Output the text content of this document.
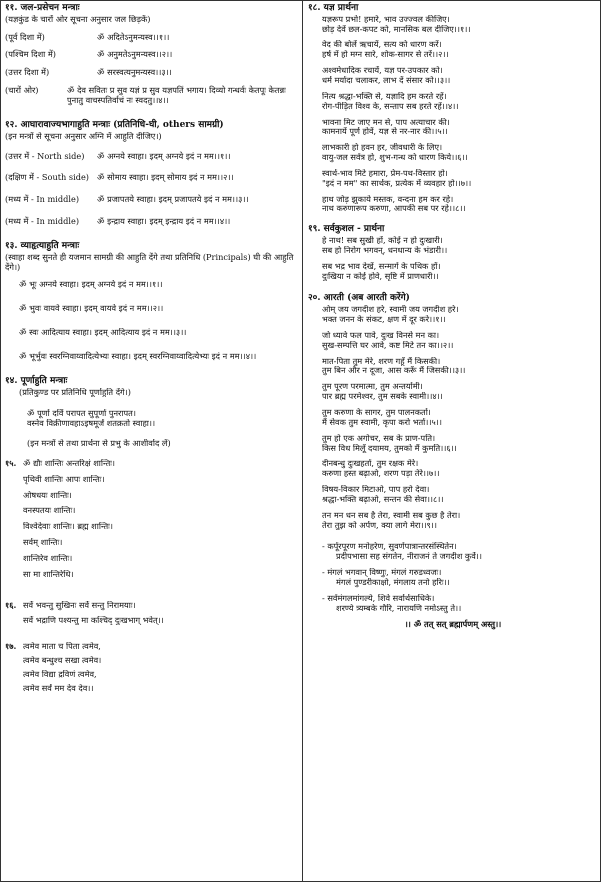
११. जल-प्रसेचन मन्त्राः
(यज्ञकुंड के चारों ओर सूचना अनुसार जल छिड़कें)
(पूर्व दिशा में)	ॐ अदितेऽनुमन्यस्व।।१।।
(पश्चिम दिशा में)	ॐ अनुमतेऽनुमन्यस्व।।२।।
(उत्तर दिशा में)	ॐ सरस्वत्यनुमन्यस्व।।३।।
(चारों ओर)	ॐ देव सवितः प्र सुव यज्ञं प्र सुव यज्ञपतिं भगाय। दिव्यो गन्धर्वः केतपूः केतन्नः पुनातु वाचस्पतिर्वाचं नः स्वदतु।।४।।
१२. आघारावाज्यभागाहुति मन्त्राः (प्रतिनिधि-घी, others सामग्री)
(इन मन्त्रों से सूचना अनुसार अग्नि में आहुति दीजिए।)
(उत्तर में - North side)	ॐ अग्नये स्वाहा। इदम् अग्नये इदं न मम।।१।।
(दक्षिण में - South side) ॐ सोमाय स्वाहा। इदम् सोमाय इदं न मम।।२।।
(मध्य में - In middle)	ॐ प्रजापतये स्वाहा। इदम् प्रजापतये इदं न मम।।३।।
(मध्य में - In middle)	ॐ इन्द्राय स्वाहा। इदम् इन्द्राय इदं न मम।।४।।
१३. व्याहृत्याहुति मन्त्राः
(स्वाहा शब्द सुनते ही यजमान सामग्री की आहुति देंगे तथा प्रतिनिधि (Principals) घी की आहुति देंगे।)
ॐ भूः अग्नये स्वाहा। इदम् अग्नये इदं न मम।।१।।
ॐ भुवः वायवे स्वाहा। इदम् वायवे इदं न मम।।२।।
ॐ स्वः आदित्याय स्वाहा। इदम् आदित्याय इदं न मम।।३।।
ॐ भूर्भुवः स्वरग्निवाय्वादित्येभ्यः स्वाहा। इदम् स्वरग्निवाय्वादित्येभ्यः इदं न मम।।४।।
१४. पूर्णाहुति मन्त्राः
(प्रतिकुण्ड पर प्रतिनिधि पूर्णाहुति देंगे।)
ॐ पूर्णा दर्वि परापत सुपूर्णा पुनरापत।
वस्नेव विक्रीणावहाऽइषमूर्जं शतक्रतो स्वाहा।।
(इन मन्त्रों से तथा प्रार्थना से प्रभु के आशीर्वाद लें)
१५. ॐ द्यौः शान्तिः अन्तरिक्षं शान्तिः।
पृथिवी शान्तिः आपः शान्तिः।
ओषधयः शान्तिः।
वनस्पतयः शान्तिः।
विश्वेदेवाः शान्तिः। ब्रह्म शान्तिः।
सर्वम् शान्तिः।
शान्तिरेव शान्तिः।
सा मा शान्तिरेधि।
१६. सर्वे भवन्तु सुखिनः सर्वे सन्तु निरामयाः।
सर्वे भद्राणि पश्यन्तु मा कश्चिद् दुःखभाग् भवेत्।।
१७. त्वमेव माता च पिता त्वमेव,
त्वमेव बन्धुश्च सखा त्वमेव।
त्वमेव विद्या द्रविणं त्वमेव,
त्वमेव सर्वं मम देव देव।।
१८. यज्ञ प्रार्थना
यज्ञरूप प्रभो! हमारे, भाव उज्ज्वल कीजिए।
छोड़ देवें छल-कपट को, मानसिक बल दीजिए।।१।।
वेद की बोलें ऋचायें, सत्य को धारण करें।
हर्ष में हो मग्न सारे, शोक-सागर से तरें।।२।।
अश्वमेधादिक रचायें, यज्ञ पर-उपकार को।
धर्म मर्यादा चलाकर, लाभ दें संसार को।।३।।
नित्य श्रद्धा-भक्ति से, यज्ञादि हम करते रहें।
रोग-पीड़ित विश्व के, सन्ताप सब हरते रहें।।४।।
भावना मिट जाए मन से, पाप अत्याचार की।
कामनायें पूर्ण होवें, यज्ञ से नर-नार की।।५।।
लाभकारी हो हवन हर, जीवधारी के लिए।
वायु-जल सर्वत्र हो, शुभ-गन्ध को धारण किये।।६।।
स्वार्थ-भाव मिटे हमारा, प्रेम-पथ-विस्तार हो।
"इदं न मम" का सार्थक, प्रत्येक में व्यवहार हो।।७।।
हाथ जोड़ झुकाये मस्तक, वन्दना हम कर रहे।
नाथ करुणारूप करुणा, आपकी सब पर रहे।।८।।
१९. सर्वकुशल - प्रार्थना
हे नाथ! सब सुखी हों, कोई न हो दुःखारी।
सब हो निरोग भगवन्, धनधान्य के भंडारी।।
सब भद्र भाव देखें, सन्मार्ग के पथिक हों।
दुःखिया न कोई होवे, सृष्टि में प्राणधारी।।
२०. आरती (अब आरती करेंगे)
ओम् जय जगदीश हरे, स्वामी जय जगदीश हरे।
भक्त जनन के संकट, क्षण में दूर करे।।१।।
जो ध्यावे फल पावे, दुःख विनसे मन का।
सुख-सम्पत्ति घर आवे, कष्ट मिटे तन का।।२।।
मात-पिता तुम मेरे, शरण गहूँ मैं किसकी।
तुम बिन और न दूजा, आस करूँ मैं जिसकी।।३।।
तुम पूरण परमात्मा, तुम अन्तर्यामी।
पार ब्रह्म परमेश्वर, तुम सबके स्वामी।।४।।
तुम करुणा के सागर, तुम पालनकर्ता।
मैं सेवक तुम स्वामी, कृपा करो भर्ता।।५।।
तुम हो एक अगोचर, सब के प्राण-पति।
किस विध मिलूँ दयामय, तुमको मैं कुमति।।६।।
दीनबन्धु दुःखहर्ता, तुम रक्षक मेरे।
करुणा हस्त बढ़ाओ, शरण पड़ा तेरे।।७।।
विषय-विकार मिटाओ, पाप हरो देवा।
श्रद्धा-भक्ति बढ़ाओ, सन्तन की सेवा।।८।।
तन मन धन सब है तेरा, स्वामी सब कुछ है तेरा।
तेरा तुझ को अर्पण, क्या लागे मेरा।।९।।
- कर्पूरपूरण मनोहरेण, सुवर्णपात्रान्तरसंस्थितेन।
प्रदीपभासा सह संगतेन, नीराजनं ते जगदीश कुर्वे।।
- मंगलं भगवान् विष्णुः, मंगलं गरुडध्वजः।
मंगलं पुण्डरीकाक्षो, मंगलाय तनो हरिः।।
- सर्वमंगलमांगल्ये, शिवे सर्वार्थसाधिके।
शरण्ये त्र्यम्बके गौरि, नारायणि नमोऽस्तु ते।।
।। ॐ तत् सत् ब्रह्मार्पणम् अस्तु।।
